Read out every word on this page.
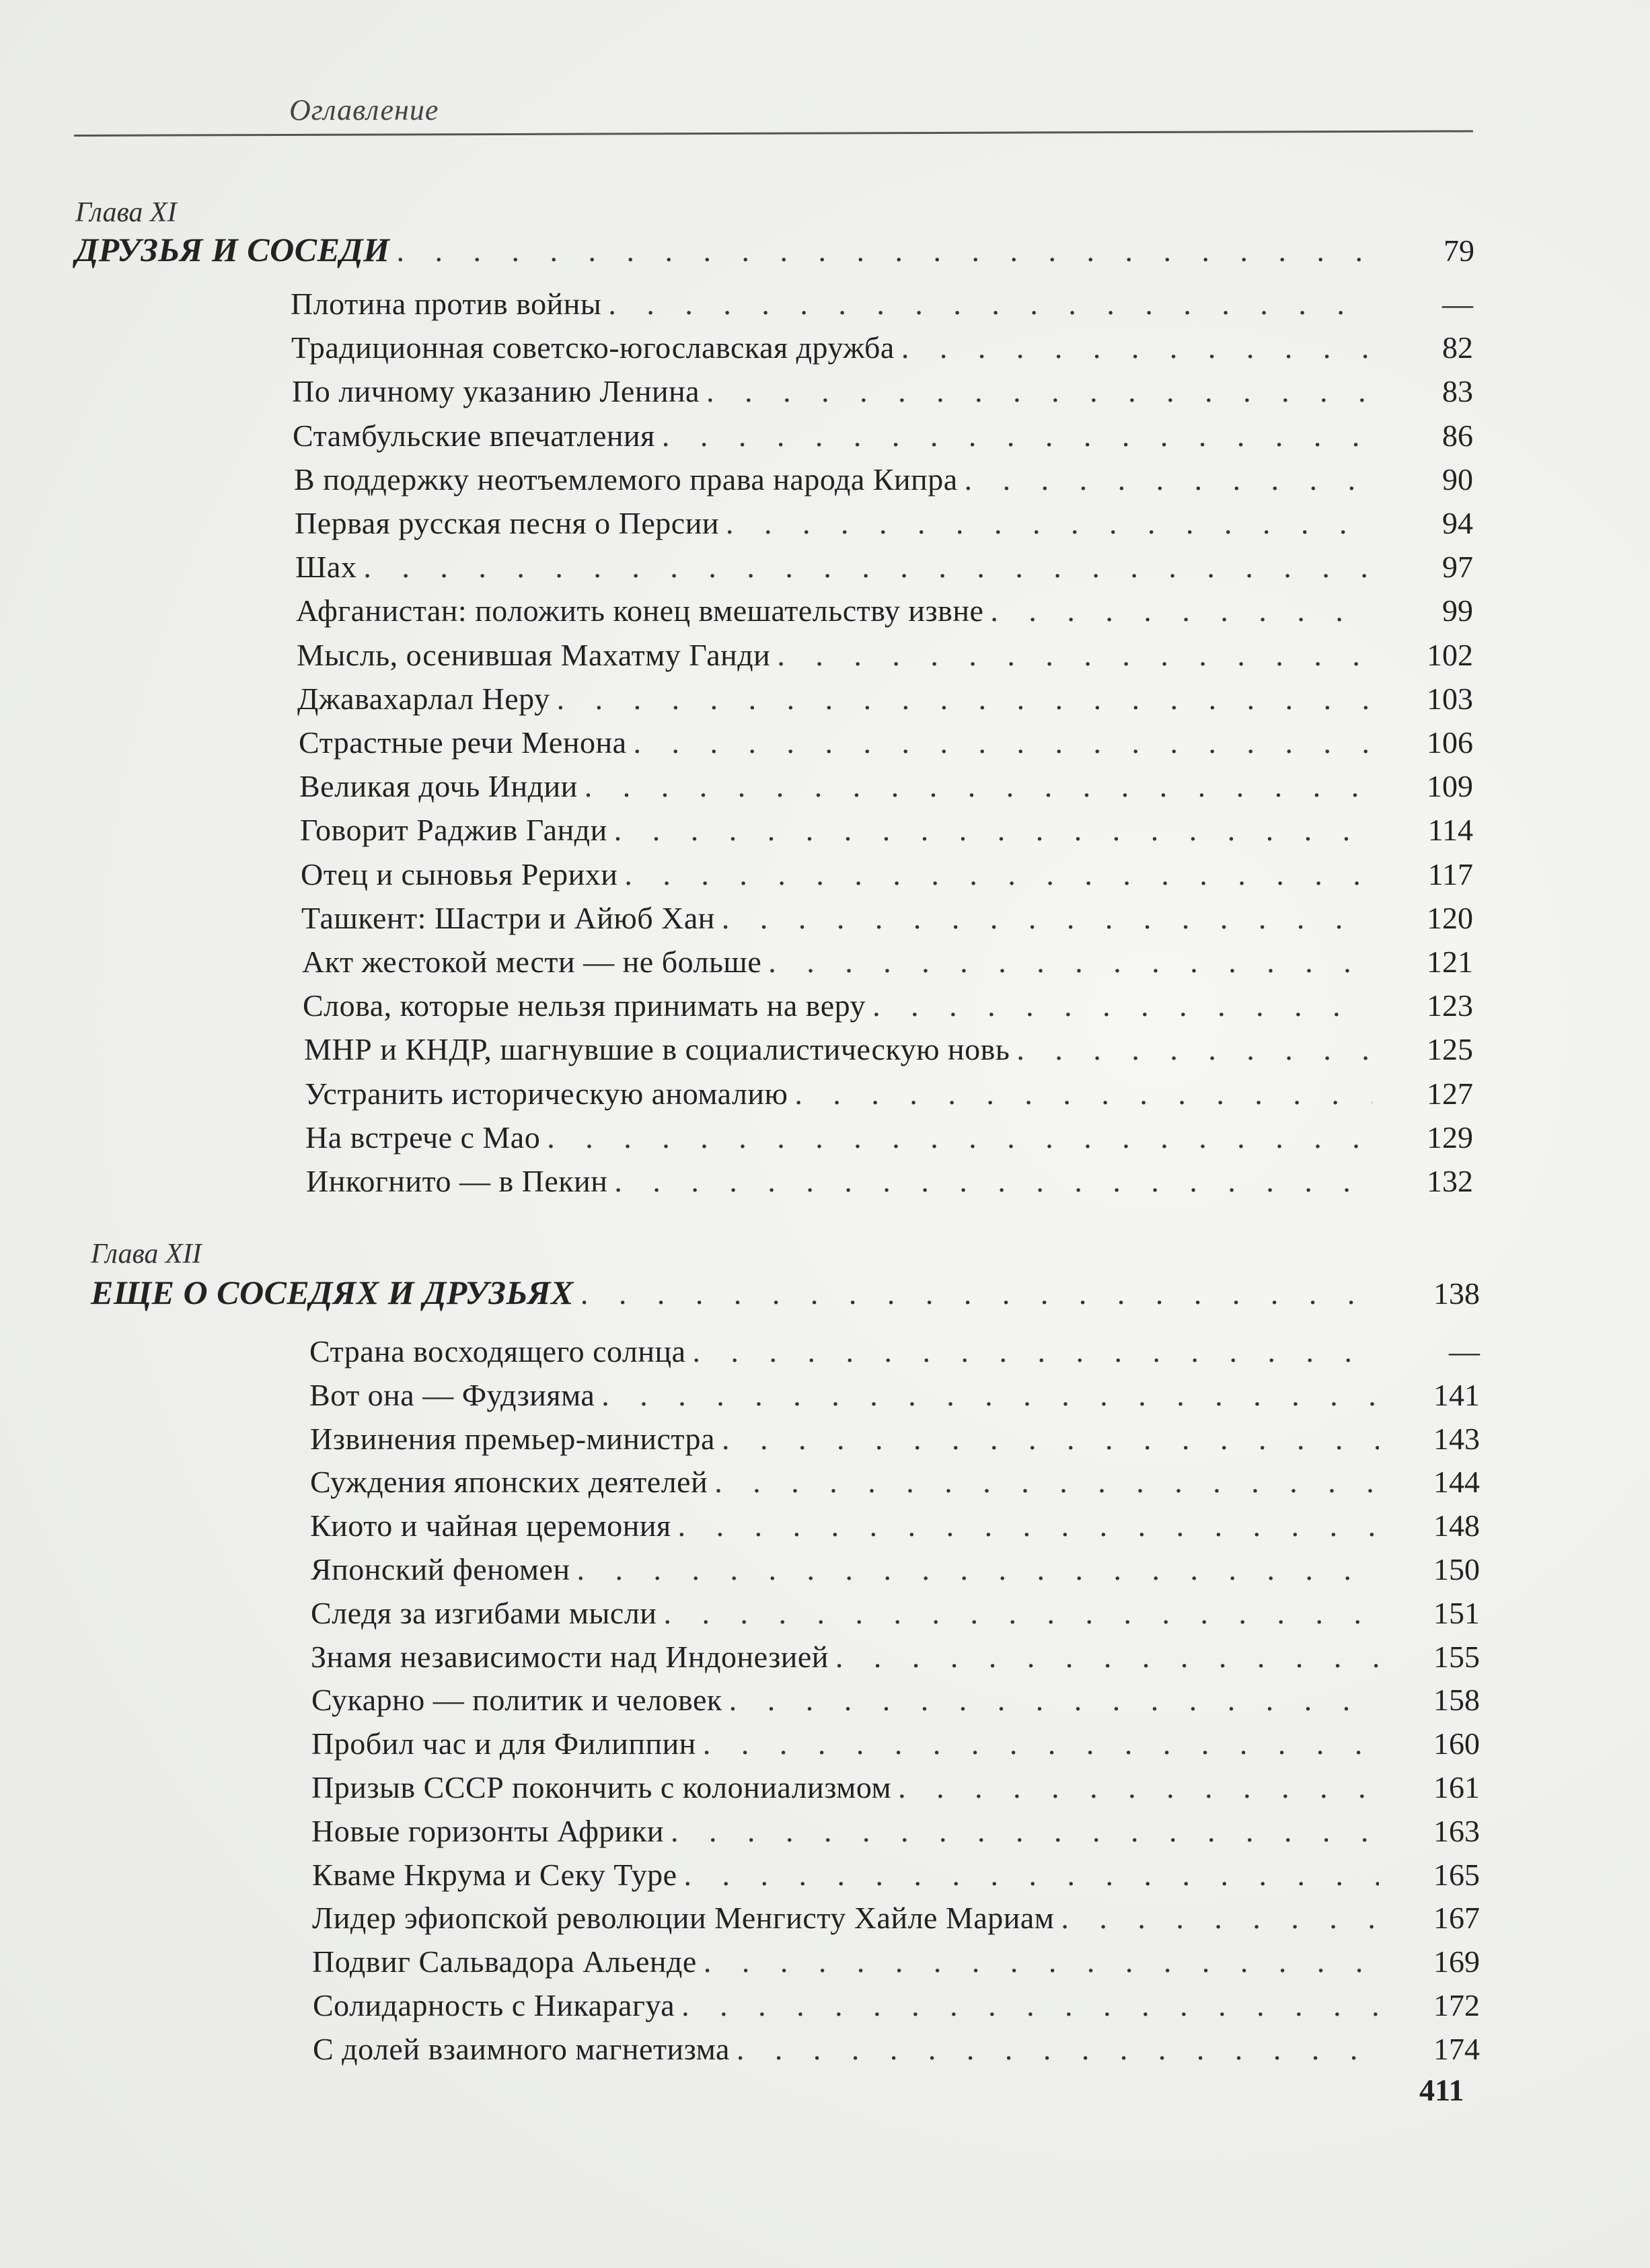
Оглавление
Глава XI
ДРУЗЬЯ И СОСЕДИ . . .	79
Плотина против войны . . .	—
Традиционная советско-югославская дружба . . .	82
По личному указанию Ленина . . .	83
Стамбульские впечатления . . .	86
В поддержку неотъемлемого права народа Кипра . . .	90
Первая русская песня о Персии . . .	94
Шах . . .	97
Афганистан: положить конец вмешательству извне . . .	99
Мысль, осенившая Махатму Ганди . . .	102
Джавахарлал Неру . . .	103
Страстные речи Менона . . .	106
Великая дочь Индии . . .	109
Говорит Раджив Ганди . . .	114
Отец и сыновья Рерихи . . .	117
Ташкент: Шастри и Айюб Хан . . .	120
Акт жестокой мести — не больше . . .	121
Слова, которые нельзя принимать на веру . . .	123
МНР и КНДР, шагнувшие в социалистическую новь . . .	125
Устранить историческую аномалию . . .	127
На встрече с Мао . . .	129
Инкогнито — в Пекин . . .	132
Глава XII
ЕЩЕ О СОСЕДЯХ И ДРУЗЬЯХ . . .	138
Страна восходящего солнца . . .	—
Вот она — Фудзияма . . .	141
Извинения премьер-министра . . .	143
Суждения японских деятелей . . .	144
Киото и чайная церемония . . .	148
Японский феномен . . .	150
Следя за изгибами мысли . . .	151
Знамя независимости над Индонезией . . .	155
Сукарно — политик и человек . . .	158
Пробил час и для Филиппин . . .	160
Призыв СССР покончить с колониализмом . . .	161
Новые горизонты Африки . . .	163
Кваме Нкрума и Секу Туре . . .	165
Лидер эфиопской революции Менгисту Хайле Мариам . . .	167
Подвиг Сальвадора Альенде . . .	169
Солидарность с Никарагуа . . .	172
С долей взаимного магнетизма . . .	174
411
